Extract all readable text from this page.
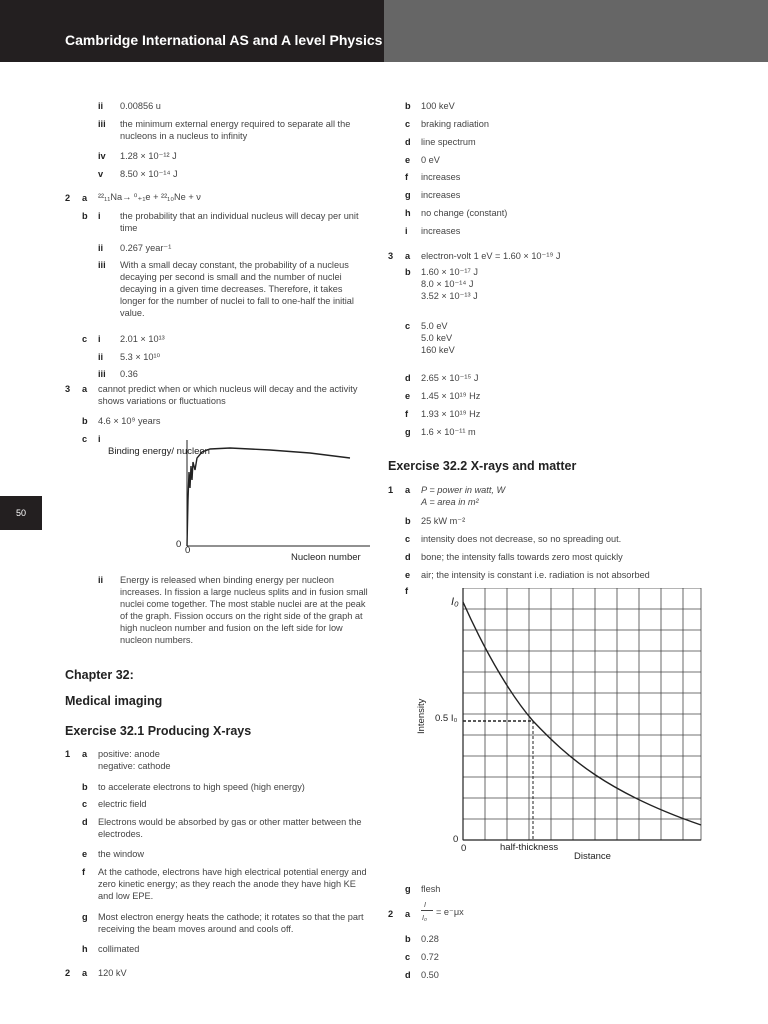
Cambridge International AS and A level Physics
50
ii 0.00856 u
iii the minimum external energy required to separate all the nucleons in a nucleus to infinity
iv 1.28 × 10⁻¹² J
v 8.50 × 10⁻¹⁴ J
2 a ²²₁₁Na→ ⁰₊₁e + ²²₁₀Ne + ν
b i the probability that an individual nucleus will decay per unit time
ii 0.267 year⁻¹
iii With a small decay constant, the probability of a nucleus decaying per second is small and the number of nuclei decaying in a given time decreases. Therefore, it takes longer for the number of nuclei to fall to one-half the initial value.
c i 2.01 × 10¹³
ii 5.3 × 10¹⁰
iii 0.36
3 a cannot predict when or which nucleus will decay and the activity shows variations or fluctuations
b 4.6 × 10⁹ years
c i
Binding energy/ nucleon
0
0
Nucleon number
ii Energy is released when binding energy per nucleon increases. In fission a large nucleus splits and in fusion small nuclei come together. The most stable nuclei are at the peak of the graph. Fission occurs on the right side of the graph at high nucleon number and fusion on the left side for low nucleon numbers.
Chapter 32:
Medical imaging
Exercise 32.1 Producing X-rays
1 a positive: anode
negative: cathode
b to accelerate electrons to high speed (high energy)
c electric field
d Electrons would be absorbed by gas or other matter between the electrodes.
e the window
f At the cathode, electrons have high electrical potential energy and zero kinetic energy; as they reach the anode they have high KE and low EPE.
g Most electron energy heats the cathode; it rotates so that the part receiving the beam moves around and cools off.
h collimated
2 a 120 kV
b 100 keV
c braking radiation
d line spectrum
e 0 eV
f increases
g increases
h no change (constant)
i increases
3 a electron-volt 1 eV = 1.60 × 10⁻¹⁹ J
b 1.60 × 10⁻¹⁷ J
8.0 × 10⁻¹⁴ J
3.52 × 10⁻¹³ J
c 5.0 eV
5.0 keV
160 keV
d 2.65 × 10⁻¹⁵ J
e 1.45 × 10¹⁹ Hz
f 1.93 × 10¹⁹ Hz
g 1.6 × 10⁻¹¹ m
Exercise 32.2 X-rays and matter
1 a P = power in watt, W
A = area in m²
b 25 kW m⁻²
c intensity does not decrease, so no spreading out.
d bone; the intensity falls towards zero most quickly
e air; the intensity is constant i.e. radiation is not absorbed
f
I₀
0.5 I₀
Intensity
0
0	half-thickness
Distance
g flesh
2 a
I
I₀
= e⁻μx
b 0.28
c 0.72
d 0.50
